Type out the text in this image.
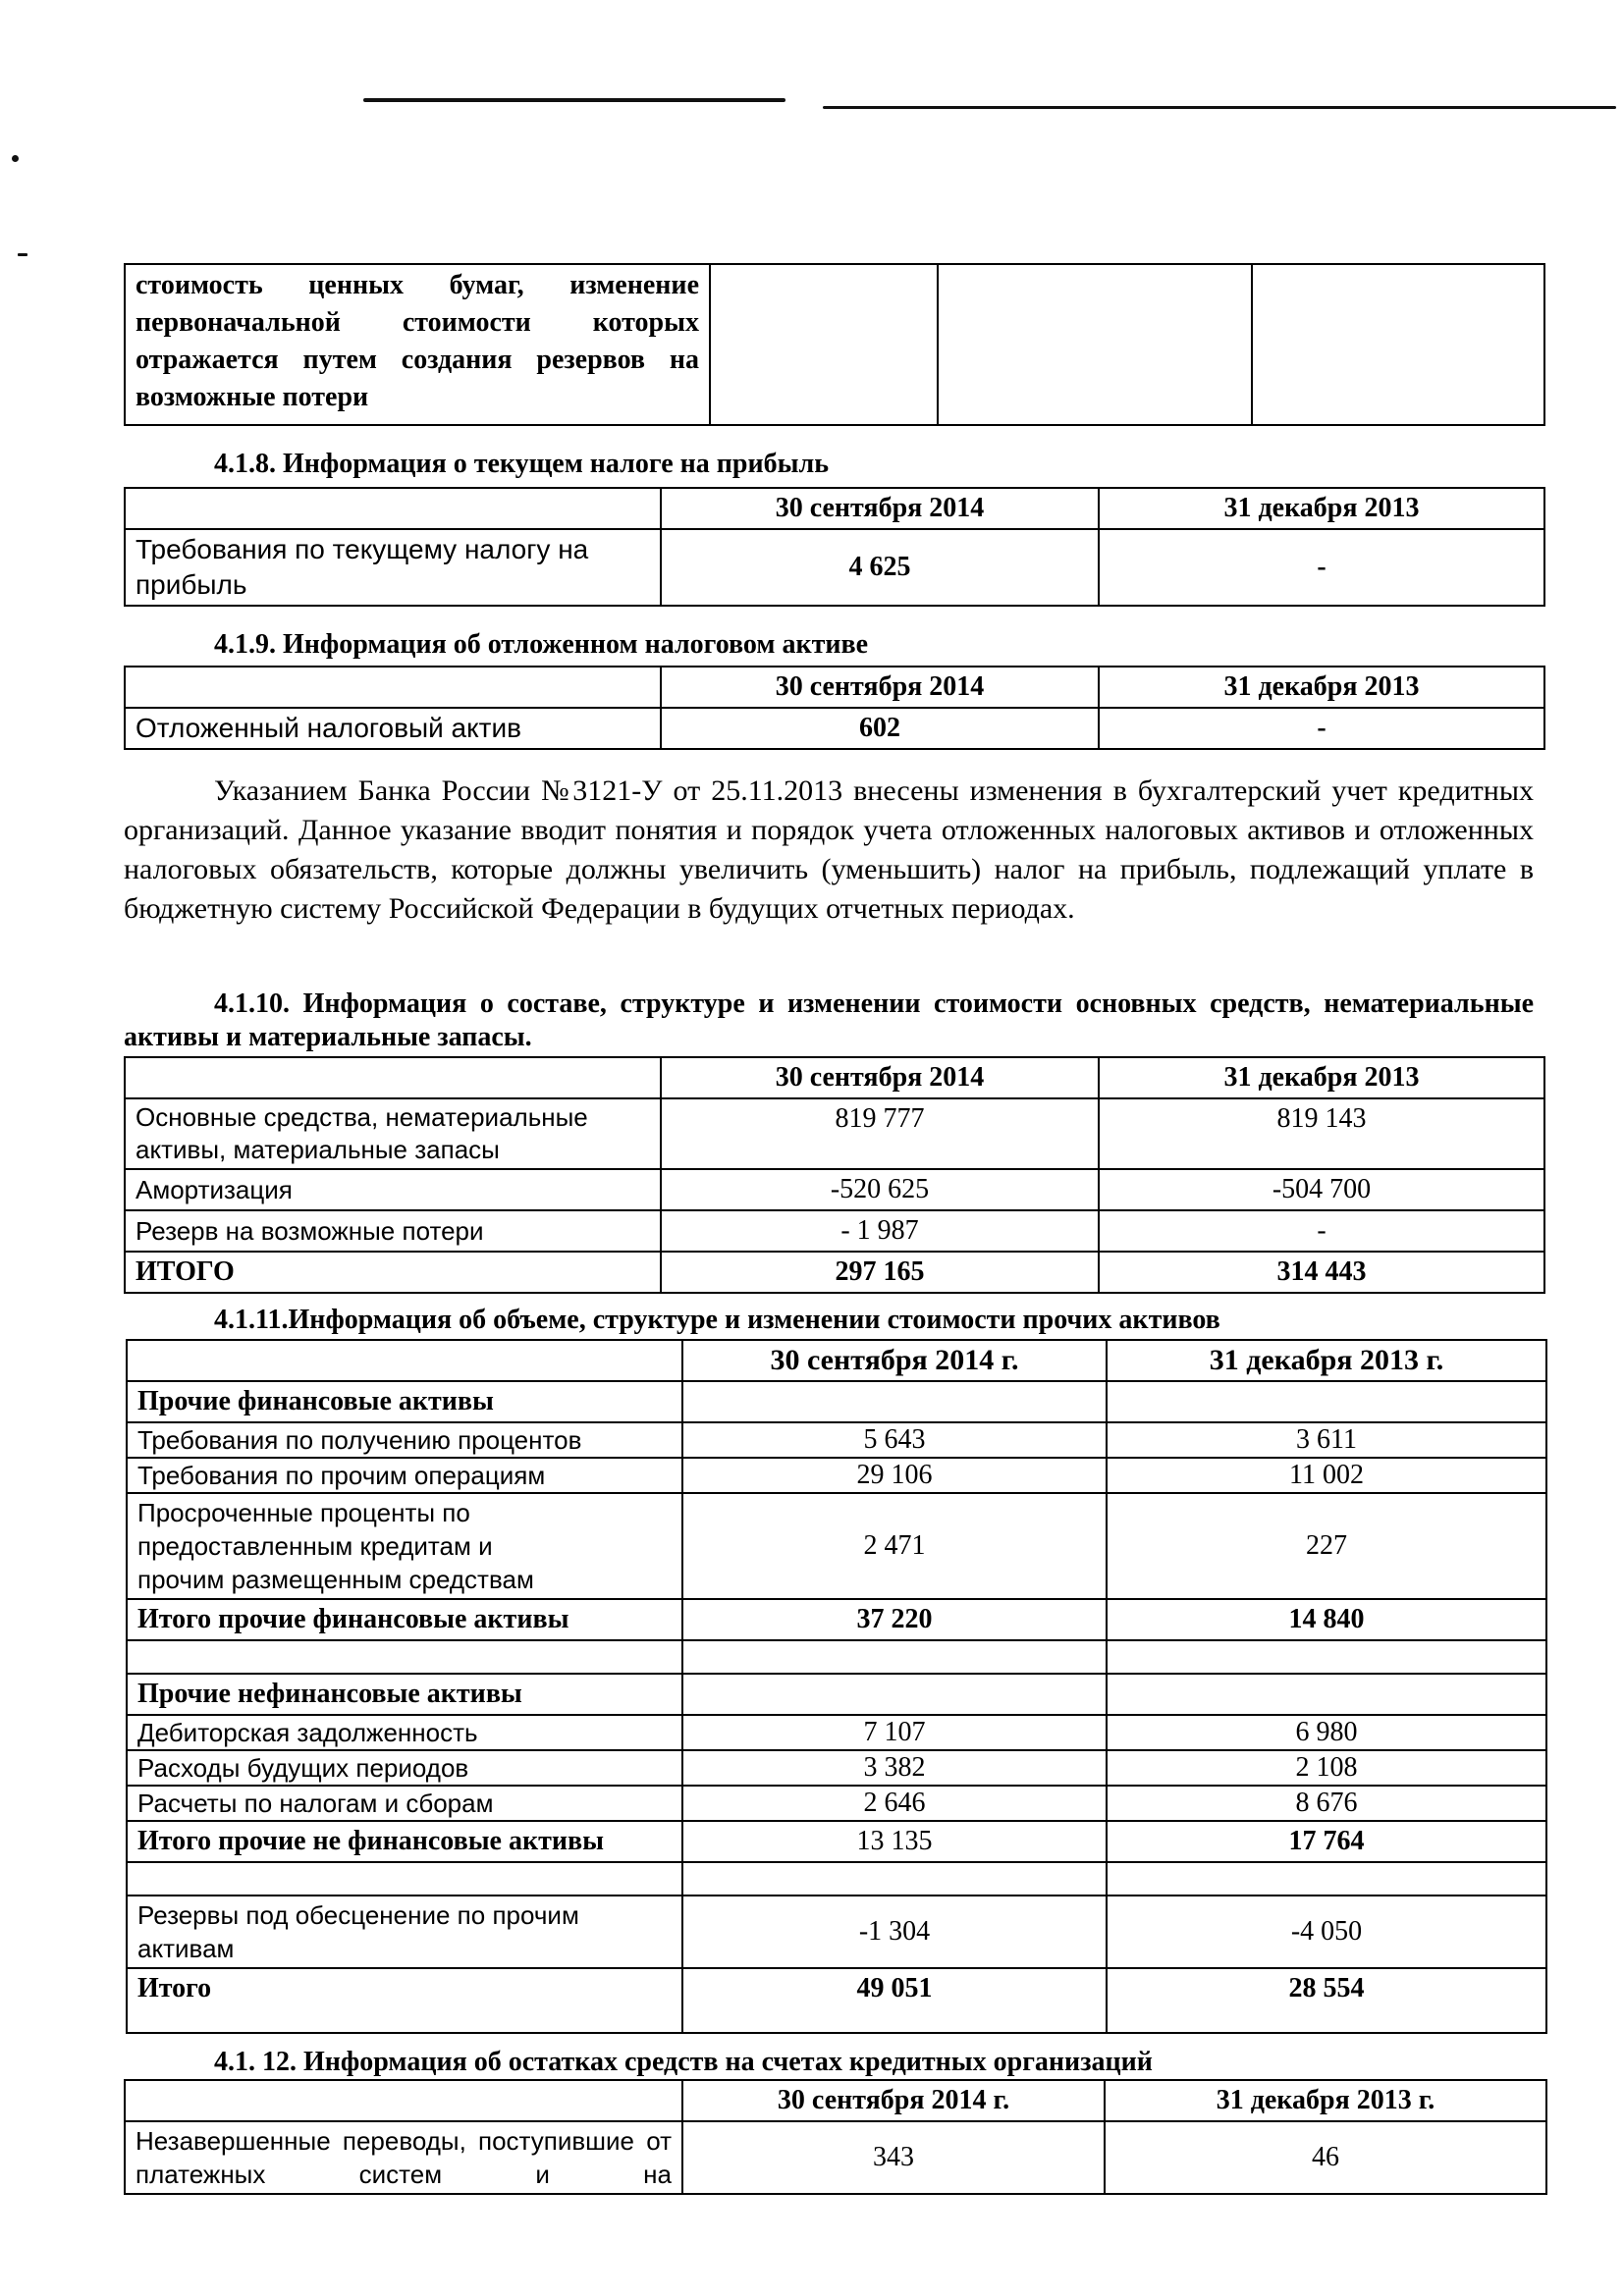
стоимость ценных бумаг, изменение первоначальной стоимости которых отражается путем создания резервов на возможные потери			
4.1.8. Информация о текущем налоге на прибыль
	30 сентября 2014	31 декабря 2013
Требования по текущему налогу на прибыль	4 625	-
4.1.9. Информация об отложенном налоговом активе
	30 сентября 2014	31 декабря 2013
Отложенный налоговый актив	602	-
Указанием Банка России №3121-У от 25.11.2013 внесены изменения в бухгалтерский учет кредитных организаций. Данное указание вводит понятия и порядок учета отложенных налоговых активов и отложенных налоговых обязательств, которые должны увеличить (уменьшить) налог на прибыль, подлежащий уплате в бюджетную систему Российской Федерации в будущих отчетных периодах.
4.1.10. Информация о составе, структуре и изменении стоимости основных средств, нематериальные активы и материальные запасы.
	30 сентября 2014	31 декабря 2013
Основные средства, нематериальные активы, материальные запасы	819 777	819 143
Амортизация	-520 625	-504 700
Резерв на возможные потери	- 1 987	-
ИТОГО	297 165	314 443
4.1.11.Информация об объеме, структуре и изменении стоимости прочих активов
	30 сентября 2014 г.	31 декабря 2013 г.
Прочие финансовые активы		
Требования по получению процентов	5 643	3 611
Требования по прочим операциям	29 106	11 002
Просроченные проценты по предоставленным кредитам и прочим размещенным средствам	2 471	227
Итого прочие финансовые активы	37 220	14 840

Прочие нефинансовые активы		
Дебиторская задолженность	7 107	6 980
Расходы будущих периодов	3 382	2 108
Расчеты по налогам и сборам	2 646	8 676
Итого прочие не финансовые активы	13 135	17 764

Резервы под обесценение по прочим активам	-1 304	-4 050
Итого	49 051	28 554
4.1. 12. Информация об остатках средств на счетах кредитных организаций
	30 сентября 2014 г.	31 декабря 2013 г.
Незавершенные переводы, поступившие от платежных систем и на	343	46
